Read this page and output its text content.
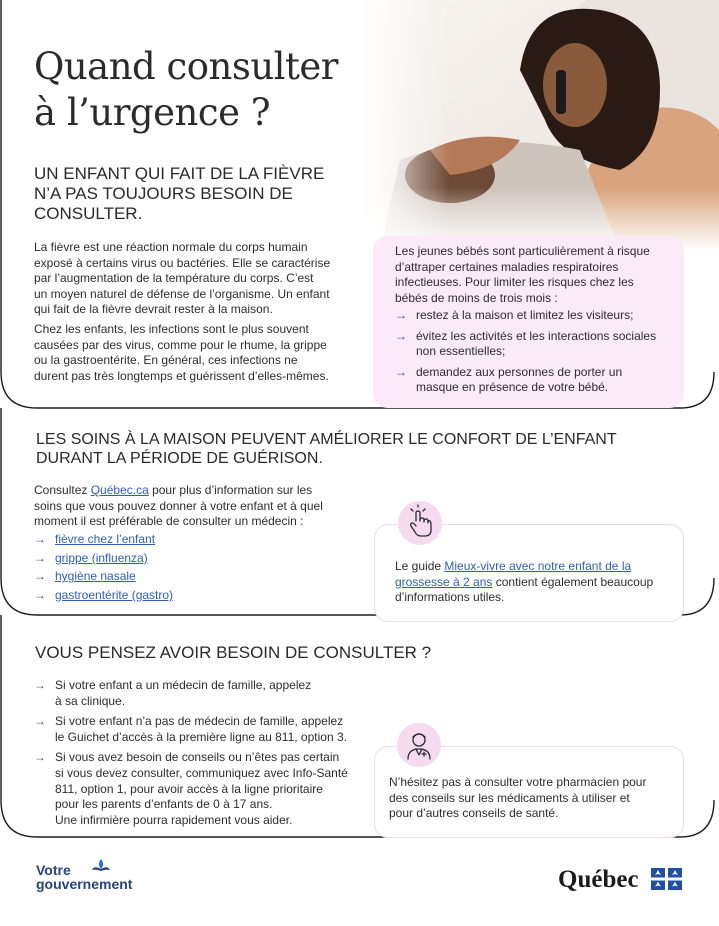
Quand consulter
à l’urgence ?
UN ENFANT QUI FAIT DE LA FIÈVRE N’A PAS TOUJOURS BESOIN DE CONSULTER.

La fièvre est une réaction normale du corps humain
exposé à certains virus ou bactéries. Elle se caractérise
par l’augmentation de la température du corps. C’est
un moyen naturel de défense de l’organisme. Un enfant
qui fait de la fièvre devrait rester à la maison.

Chez les enfants, les infections sont le plus souvent
causées par des virus, comme pour le rhume, la grippe
ou la gastroentérite. En général, ces infections ne
durent pas très longtemps et guérissent d’elles-mêmes.

Les jeunes bébés sont particulièrement à risque
d’attraper certaines maladies respiratoires
infectieuses. Pour limiter les risques chez les
bébés de moins de trois mois :

→ restez à la maison et limitez les visiteurs;
→ évitez les activités et les interactions sociales
non essentielles;
→ demandez aux personnes de porter un
masque en présence de votre bébé.
LES SOINS À LA MAISON PEUVENT AMÉLIORER LE CONFORT DE L’ENFANT
DURANT LA PÉRIODE DE GUÉRISON.

Consultez Québec.ca pour plus d’information sur les
soins que vous pouvez donner à votre enfant et à quel
moment il est préférable de consulter un médecin :

→ fièvre chez l’enfant
→ grippe (influenza)
→ hygiène nasale
→ gastroentérite (gastro)

Le guide Mieux-vivre avec notre enfant de la
grossesse à 2 ans contient également beaucoup
d’informations utiles.

VOUS PENSEZ AVOIR BESOIN DE CONSULTER ?
→ Si votre enfant a un médecin de famille, appelez
à sa clinique.
→ Si votre enfant n’a pas de médecin de famille, appelez
le Guichet d’accès à la première ligne au 811, option 3.
→ Si vous avez besoin de conseils ou n’êtes pas certain
si vous devez consulter, communiquez avec Info-Santé
811, option 1, pour avoir accès à la ligne prioritaire
pour les parents d’enfants de 0 à 17 ans.
Une infirmière pourra rapidement vous aider.

N’hésitez pas à consulter votre pharmacien pour
des conseils sur les médicaments à utiliser et
pour d’autres conseils de santé.

Votre
gouvernement	Québec
